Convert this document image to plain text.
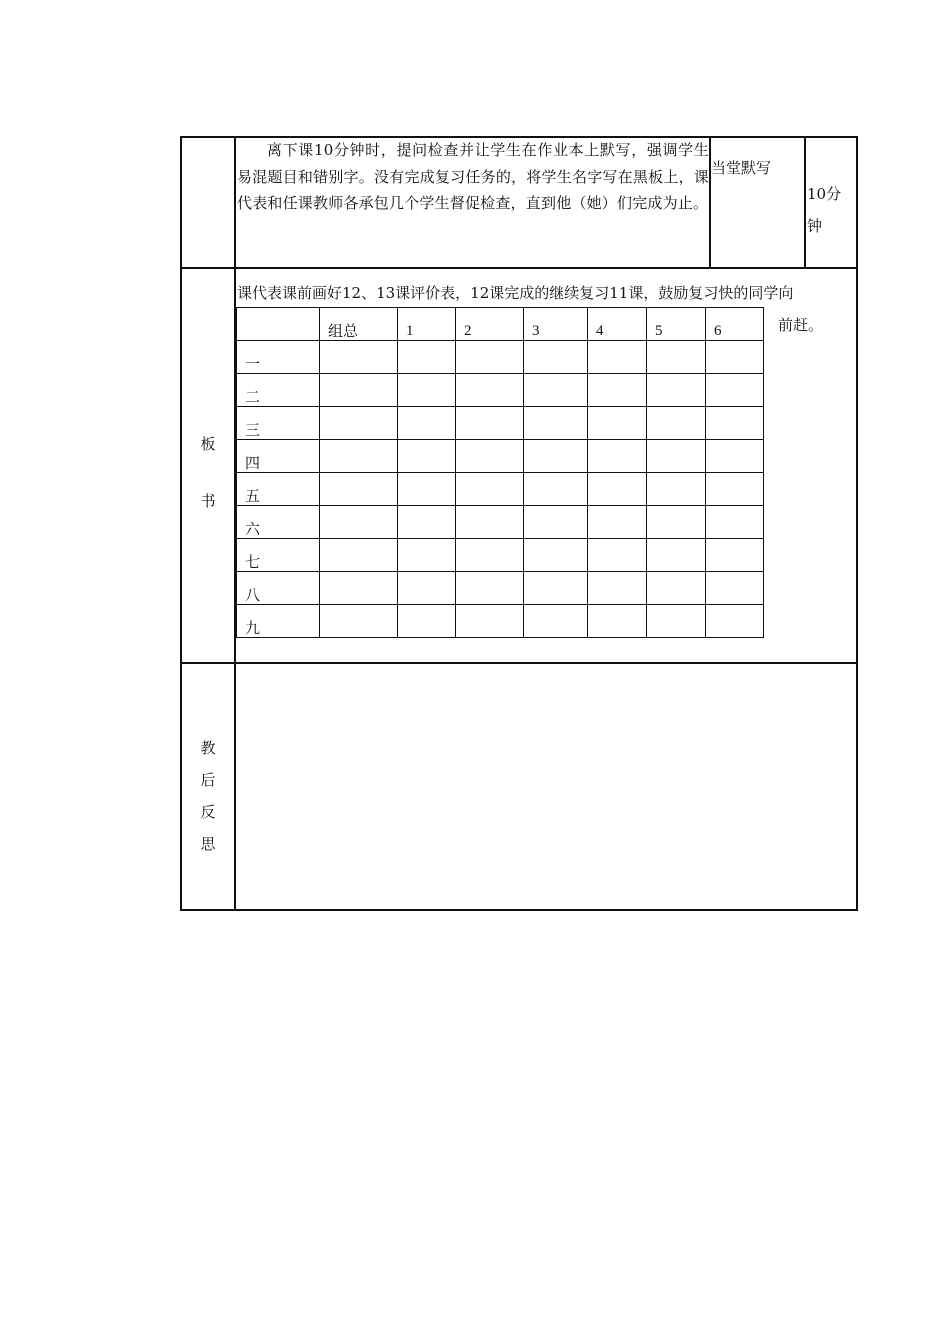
离下课10分钟时，提问检查并让学生在作业本上默写，强调学生易混题目和错别字。没有完成复习任务的，将学生名字写在黑板上，课代表和任课教师各承包几个学生督促检查，直到他（她）们完成为止。
当堂默写
10分
钟
板
书
课代表课前画好12、13课评价表，12课完成的继续复习11课，鼓励复习快的同学向
前赶。
	组总	1	2	3	4	5	6
一							
二							
三							
四							
五							
六							
七							
八							
九							
教
后
反
思
